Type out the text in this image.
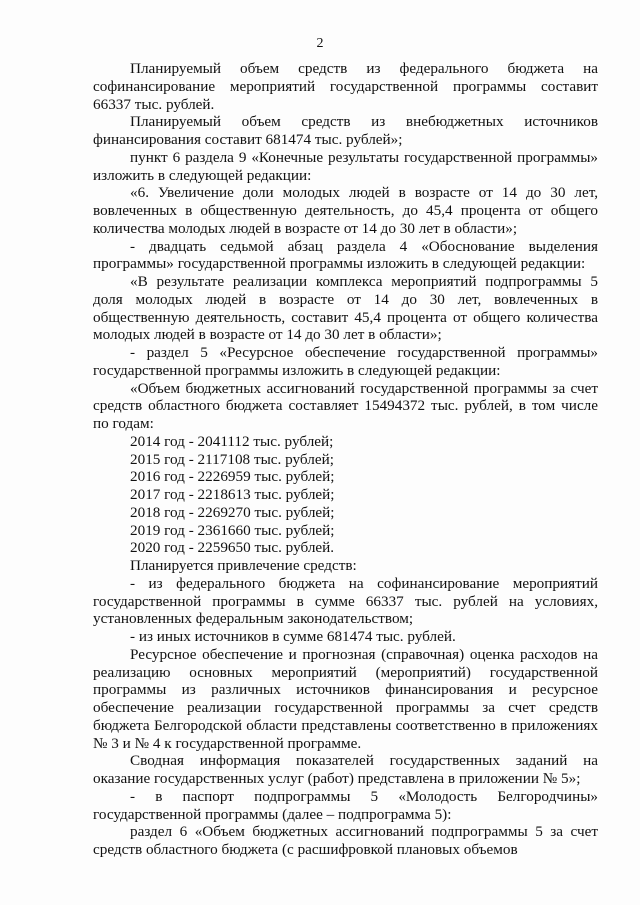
2

Планируемый объем средств из федерального бюджета на
софинансирование мероприятий государственной программы составит
66337 тыс. рублей.

Планируемый объем средств из внебюджетных источников
финансирования составит 681474 тыс. рублей»;

пункт 6 раздела 9 «Конечные результаты государственной программы»
изложить в следующей редакции:

«6. Увеличение доли молодых людей в возрасте от 14 до 30 лет,
вовлеченных в общественную деятельность, до 45,4 процента от общего
количества молодых людей в возрасте от 14 до 30 лет в области»;

- двадцать седьмой абзац раздела 4 «Обоснование выделения
программы» государственной программы изложить в следующей редакции:

«В результате реализации комплекса мероприятий подпрограммы 5
доля молодых людей в возрасте от 14 до 30 лет, вовлеченных в
общественную деятельность, составит 45,4 процента от общего количества
молодых людей в возрасте от 14 до 30 лет в области»;

- раздел 5 «Ресурсное обеспечение государственной программы»
государственной программы изложить в следующей редакции:

«Объем бюджетных ассигнований государственной программы за счет
средств областного бюджета составляет 15494372 тыс. рублей, в том числе
по годам:

2014 год - 2041112 тыс. рублей;

2015 год - 2117108 тыс. рублей;

2016 год - 2226959 тыс. рублей;

2017 год - 2218613 тыс. рублей;

2018 год - 2269270 тыс. рублей;

2019 год - 2361660 тыс. рублей;

2020 год - 2259650 тыс. рублей.

Планируется привлечение средств:

- из федерального бюджета на софинансирование мероприятий
государственной программы в сумме 66337 тыс. рублей на условиях,
установленных федеральным законодательством;

- из иных источников в сумме 681474 тыс. рублей.

Ресурсное обеспечение и прогнозная (справочная) оценка расходов на
реализацию основных мероприятий (мероприятий) государственной
программы из различных источников финансирования и ресурсное
обеспечение реализации государственной программы за счет средств
бюджета Белгородской области представлены соответственно в приложениях
№ 3 и № 4 к государственной программе.

Сводная информация показателей государственных заданий на
оказание государственных услуг (работ) представлена в приложении № 5»;

- в паспорт подпрограммы 5 «Молодость Белгородчины»
государственной программы (далее – подпрограмма 5):

раздел 6 «Объем бюджетных ассигнований подпрограммы 5 за счет
средств областного бюджета (с расшифровкой плановых объемов
